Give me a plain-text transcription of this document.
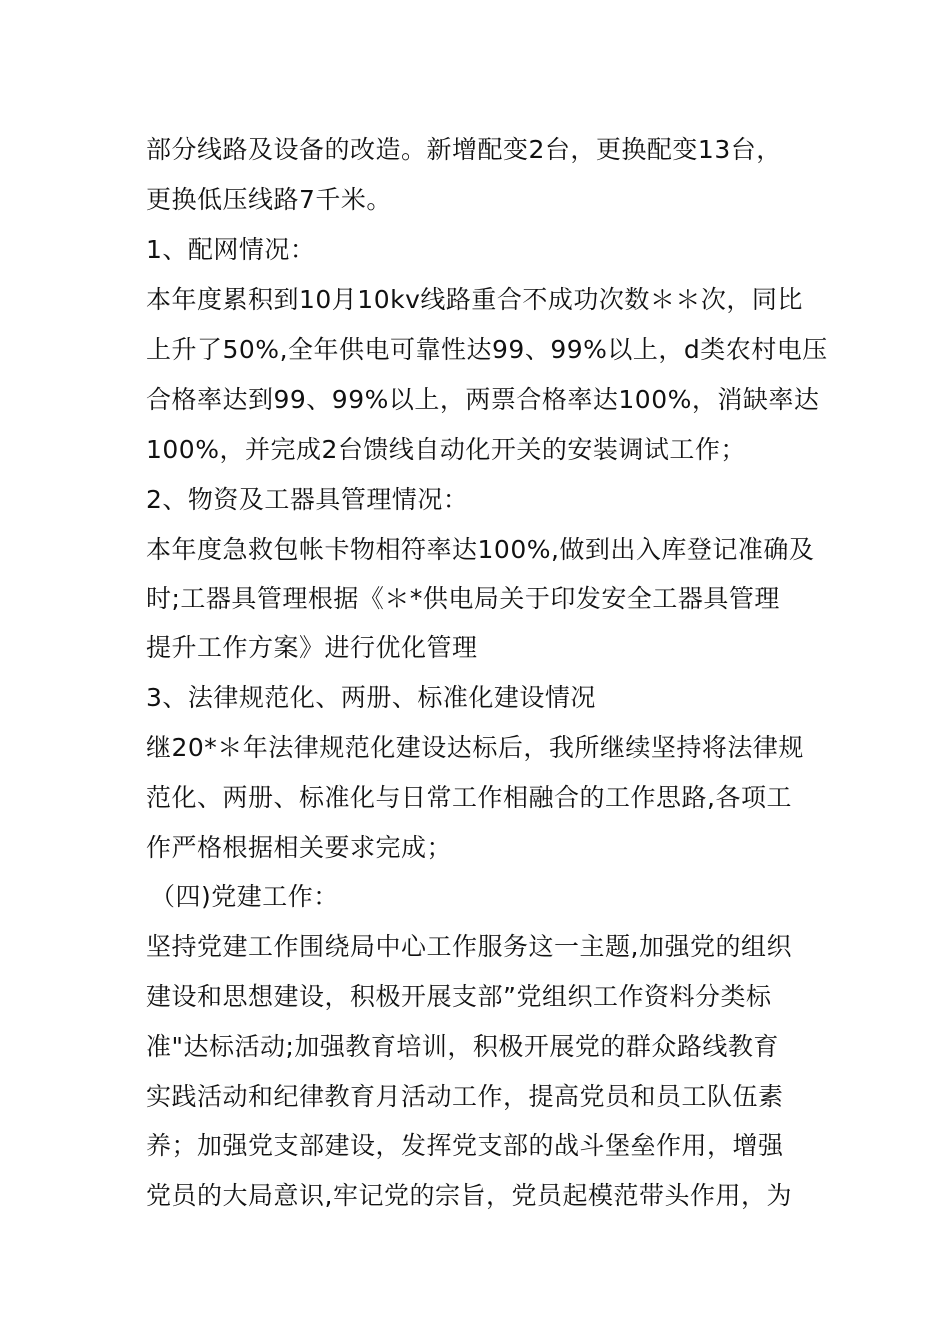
部分线路及设备的改造。新增配变2台，更换配变13台，
更换低压线路7千米。
1、配网情况：
本年度累积到10月10kv线路重合不成功次数＊＊次，同比
上升了50%,全年供电可靠性达99、99%以上，d类农村电压
合格率达到99、99%以上，两票合格率达100%，消缺率达
100%，并完成2台馈线自动化开关的安装调试工作；
2、物资及工器具管理情况：
本年度急救包帐卡物相符率达100%,做到出入库登记准确及
时;工器具管理根据《＊*供电局关于印发安全工器具管理
提升工作方案》进行优化管理
3、法律规范化、两册、标准化建设情况
继20*＊年法律规范化建设达标后，我所继续坚持将法律规
范化、两册、标准化与日常工作相融合的工作思路,各项工
作严格根据相关要求完成；
（四)党建工作：
坚持党建工作围绕局中心工作服务这一主题,加强党的组织
建设和思想建设，积极开展支部”党组织工作资料分类标
准"达标活动;加强教育培训，积极开展党的群众路线教育
实践活动和纪律教育月活动工作，提高党员和员工队伍素
养；加强党支部建设，发挥党支部的战斗堡垒作用，增强
党员的大局意识,牢记党的宗旨，党员起模范带头作用，为
